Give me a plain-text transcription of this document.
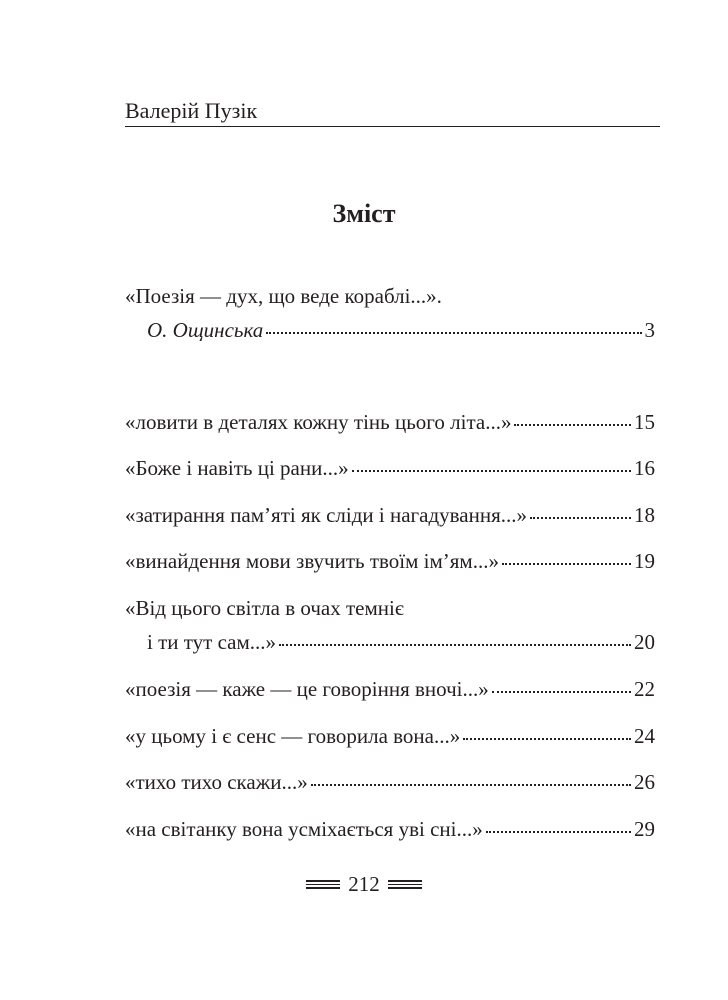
Валерій Пузік
Зміст
«Поезія — дух, що веде кораблі...».
О. Ощинська	3
«ловити в деталях кожну тінь цього літа...»	15
«Боже і навіть ці рани...»	16
«затирання пам’яті як сліди і нагадування...»	18
«винайдення мови звучить твоїм ім’ям...»	19
«Від цього світла в очах темніє
і ти тут сам...»	20
«поезія — каже — це говоріння вночі...»	22
«у цьому і є сенс — говорила вона...»	24
«тихо тихо скажи...»	26
«на світанку вона усміхається уві сні...»	29
212
